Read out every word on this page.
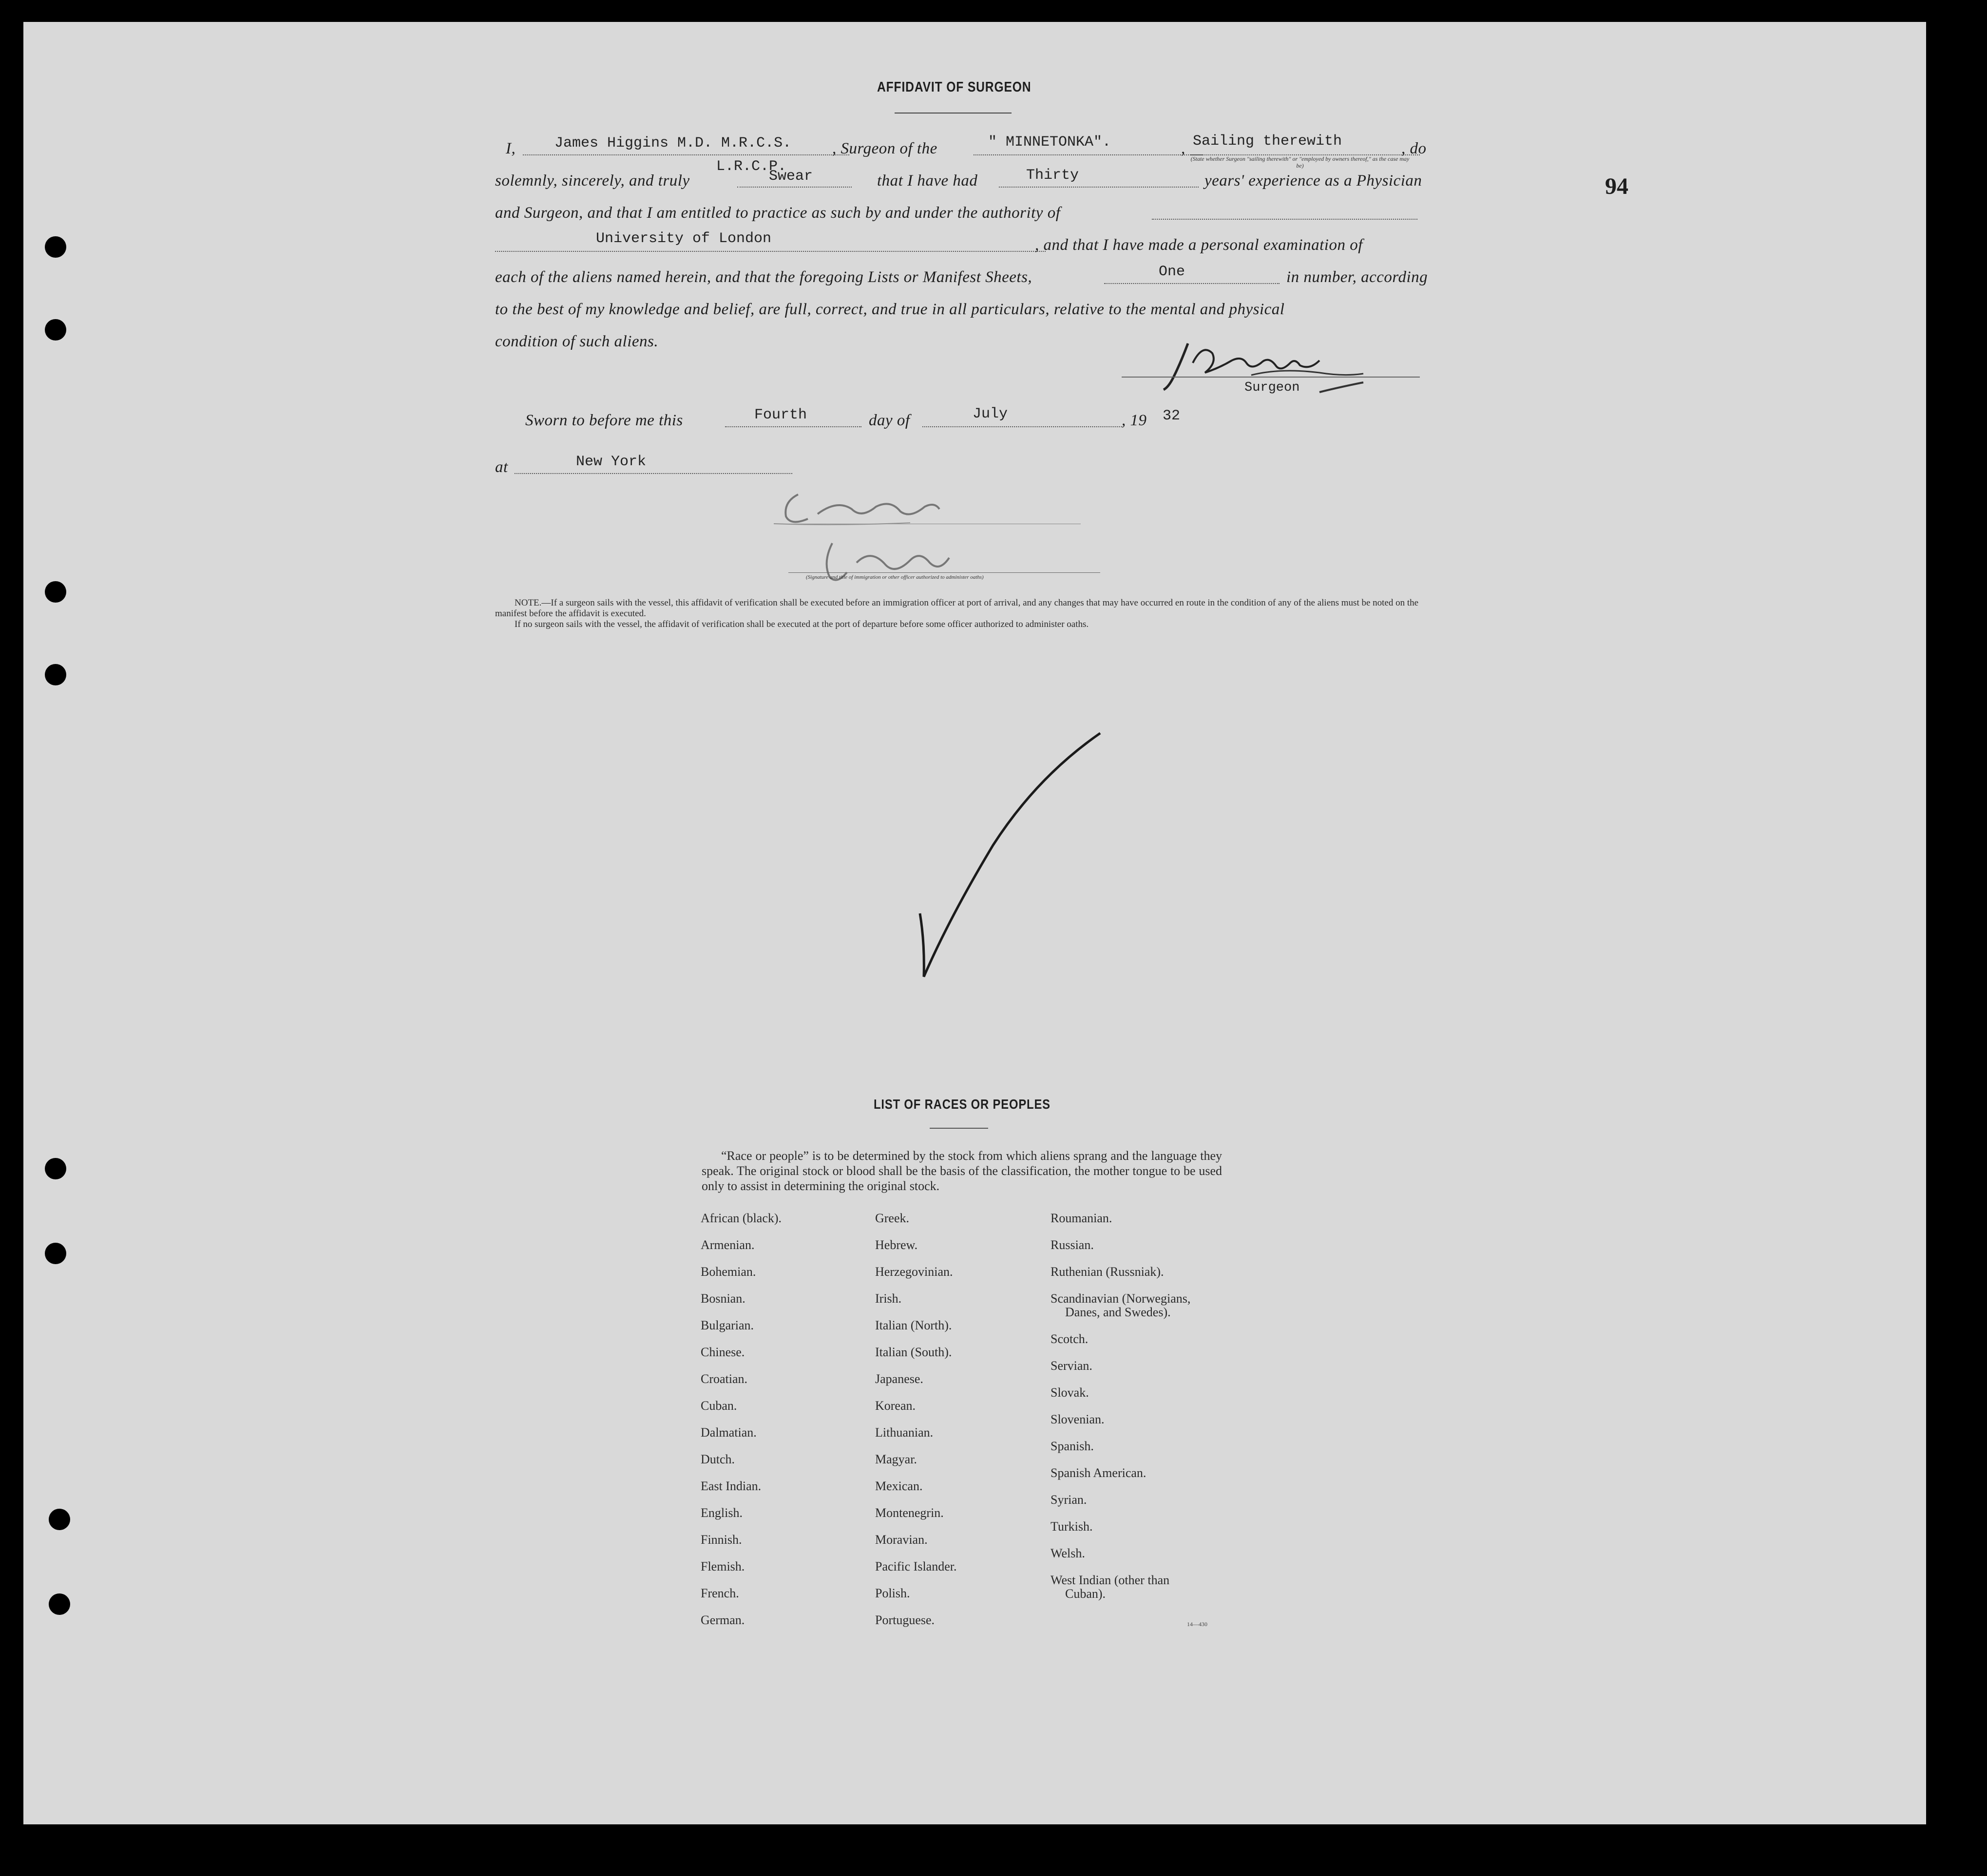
94
AFFIDAVIT OF SURGEON
I,	James Higgins M.D. M.R.C.S.	, Surgeon of the	" MINNETONKA".	, Sailing therewith	, do
(State whether Surgeon "sailing therewith" or "employed by owners thereof," as the case may be)
L.R.C.P.
solemnly, sincerely, and truly	Swear	that I have had	Thirty	years' experience as a Physician
and Surgeon, and that I am entitled to practice as such by and under the authority of
University of London	, and that I have made a personal examination of
each of the aliens named herein, and that the foregoing Lists or Manifest Sheets,	One	in number, according
to the best of my knowledge and belief, are full, correct, and true in all particulars, relative to the mental and physical
condition of such aliens.
Surgeon
Sworn to before me this	Fourth	day of	July	, 19 32
at	New York
(Signature and title of immigration or other officer authorized to administer oaths)
NOTE.—If a surgeon sails with the vessel, this affidavit of verification shall be executed before an immigration officer at port of arrival, and any changes that may have occurred en route in the condition of any of the aliens must be noted on the manifest before the affidavit is executed.
If no surgeon sails with the vessel, the affidavit of verification shall be executed at the port of departure before some officer authorized to administer oaths.
LIST OF RACES OR PEOPLES
“Race or people” is to be determined by the stock from which aliens sprang and the language they speak. The original stock or blood shall be the basis of the classification, the mother tongue to be used only to assist in determining the original stock.
African (black).
Armenian.
Bohemian.
Bosnian.
Bulgarian.
Chinese.
Croatian.
Cuban.
Dalmatian.
Dutch.
East Indian.
English.
Finnish.
Flemish.
French.
German.
Greek.
Hebrew.
Herzegovinian.
Irish.
Italian (North).
Italian (South).
Japanese.
Korean.
Lithuanian.
Magyar.
Mexican.
Montenegrin.
Moravian.
Pacific Islander.
Polish.
Portuguese.
Roumanian.
Russian.
Ruthenian (Russniak).
Scandinavian (Norwegians,
Danes, and Swedes).
Scotch.
Servian.
Slovak.
Slovenian.
Spanish.
Spanish American.
Syrian.
Turkish.
Welsh.
West Indian (other than
Cuban).
14—430
